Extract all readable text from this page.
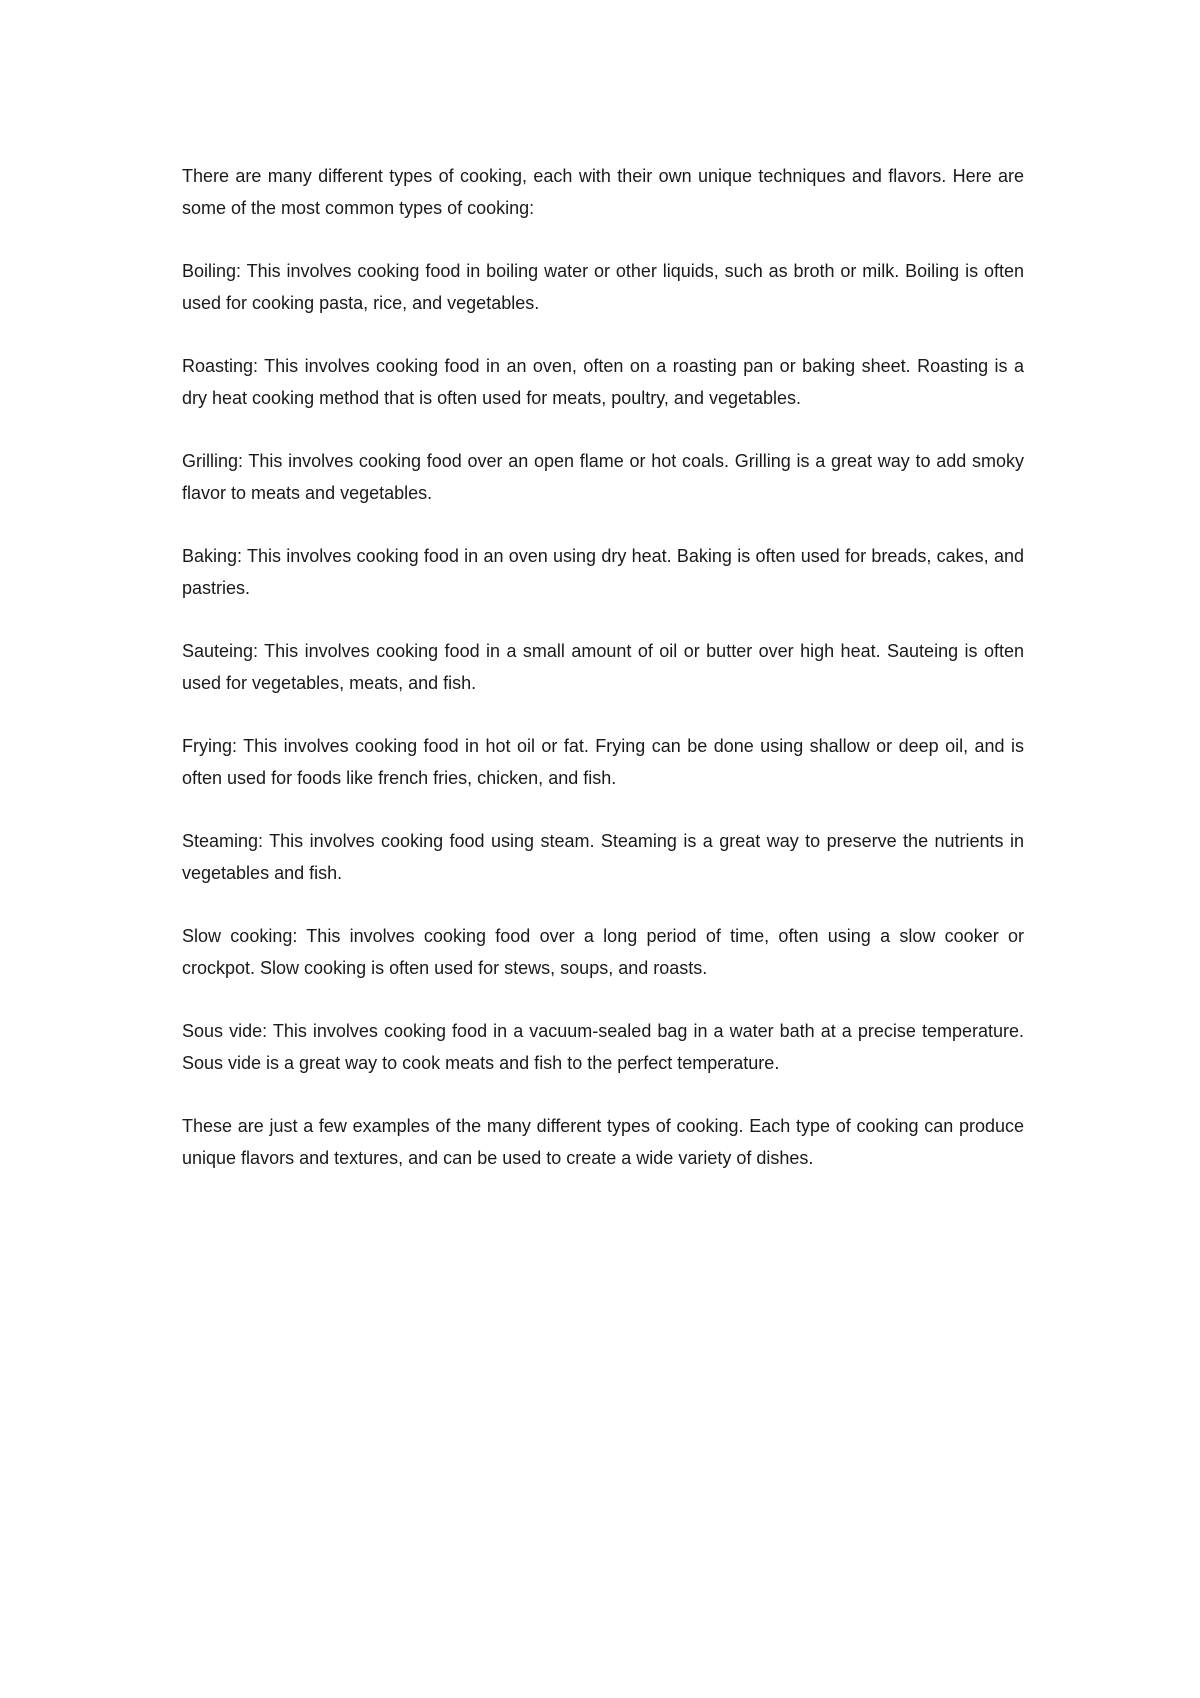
There are many different types of cooking, each with their own unique techniques and flavors. Here are some of the most common types of cooking:

Boiling: This involves cooking food in boiling water or other liquids, such as broth or milk. Boiling is often used for cooking pasta, rice, and vegetables.

Roasting: This involves cooking food in an oven, often on a roasting pan or baking sheet. Roasting is a dry heat cooking method that is often used for meats, poultry, and vegetables.

Grilling: This involves cooking food over an open flame or hot coals. Grilling is a great way to add smoky flavor to meats and vegetables.

Baking: This involves cooking food in an oven using dry heat. Baking is often used for breads, cakes, and pastries.

Sauteing: This involves cooking food in a small amount of oil or butter over high heat. Sauteing is often used for vegetables, meats, and fish.

Frying: This involves cooking food in hot oil or fat. Frying can be done using shallow or deep oil, and is often used for foods like french fries, chicken, and fish.

Steaming: This involves cooking food using steam. Steaming is a great way to preserve the nutrients in vegetables and fish.

Slow cooking: This involves cooking food over a long period of time, often using a slow cooker or crockpot. Slow cooking is often used for stews, soups, and roasts.

Sous vide: This involves cooking food in a vacuum-sealed bag in a water bath at a precise temperature. Sous vide is a great way to cook meats and fish to the perfect temperature.

These are just a few examples of the many different types of cooking. Each type of cooking can produce unique flavors and textures, and can be used to create a wide variety of dishes.
